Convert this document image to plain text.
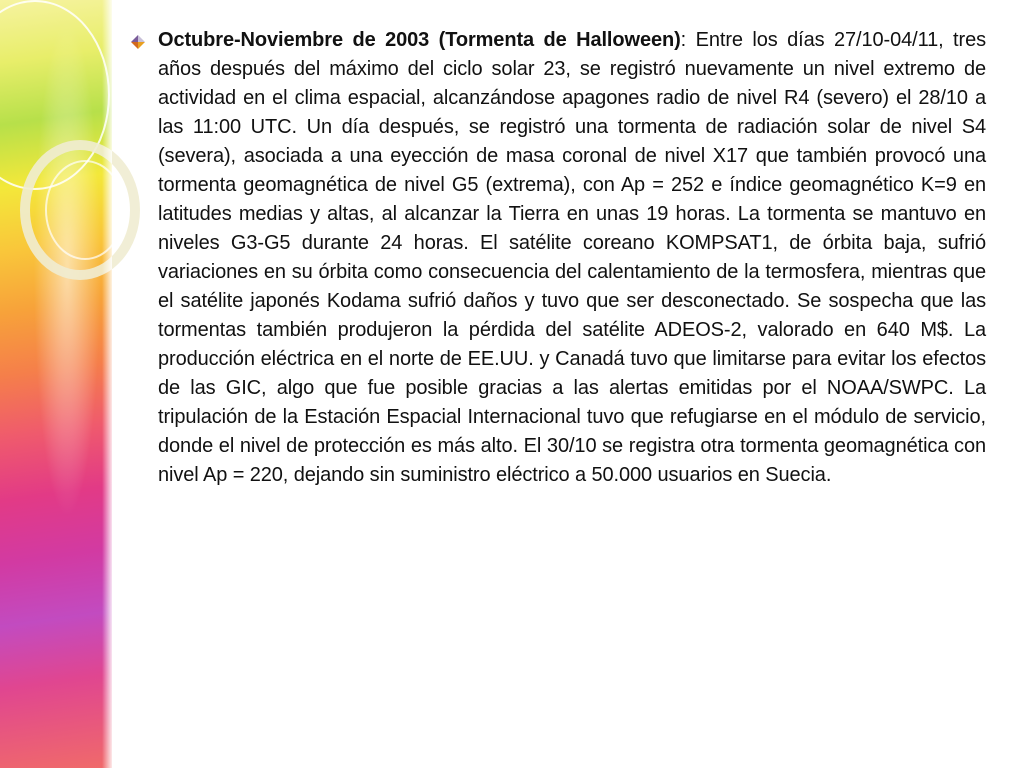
Octubre-Noviembre de 2003 (Tormenta de Halloween): Entre los días 27/10-04/11, tres años después del máximo del ciclo solar 23, se registró nuevamente un nivel extremo de actividad en el clima espacial, alcanzándose apagones radio de nivel R4 (severo) el 28/10 a las 11:00 UTC. Un día después, se registró una tormenta de radiación solar de nivel S4 (severa), asociada a una eyección de masa coronal de nivel X17 que también provocó una tormenta geomagnética de nivel G5 (extrema), con Ap = 252 e índice geomagnético K=9 en latitudes medias y altas, al alcanzar la Tierra en unas 19 horas. La tormenta se mantuvo en niveles G3-G5 durante 24 horas. El satélite coreano KOMPSAT1, de órbita baja, sufrió variaciones en su órbita como consecuencia del calentamiento de la termosfera, mientras que el satélite japonés Kodama sufrió daños y tuvo que ser desconectado. Se sospecha que las tormentas también produjeron la pérdida del satélite ADEOS-2, valorado en 640 M$. La producción eléctrica en el norte de EE.UU. y Canadá tuvo que limitarse para evitar los efectos de las GIC, algo que fue posible gracias a las alertas emitidas por el NOAA/SWPC. La tripulación de la Estación Espacial Internacional tuvo que refugiarse en el módulo de servicio, donde el nivel de protección es más alto. El 30/10 se registra otra tormenta geomagnética con nivel Ap = 220, dejando sin suministro eléctrico a 50.000 usuarios en Suecia.
